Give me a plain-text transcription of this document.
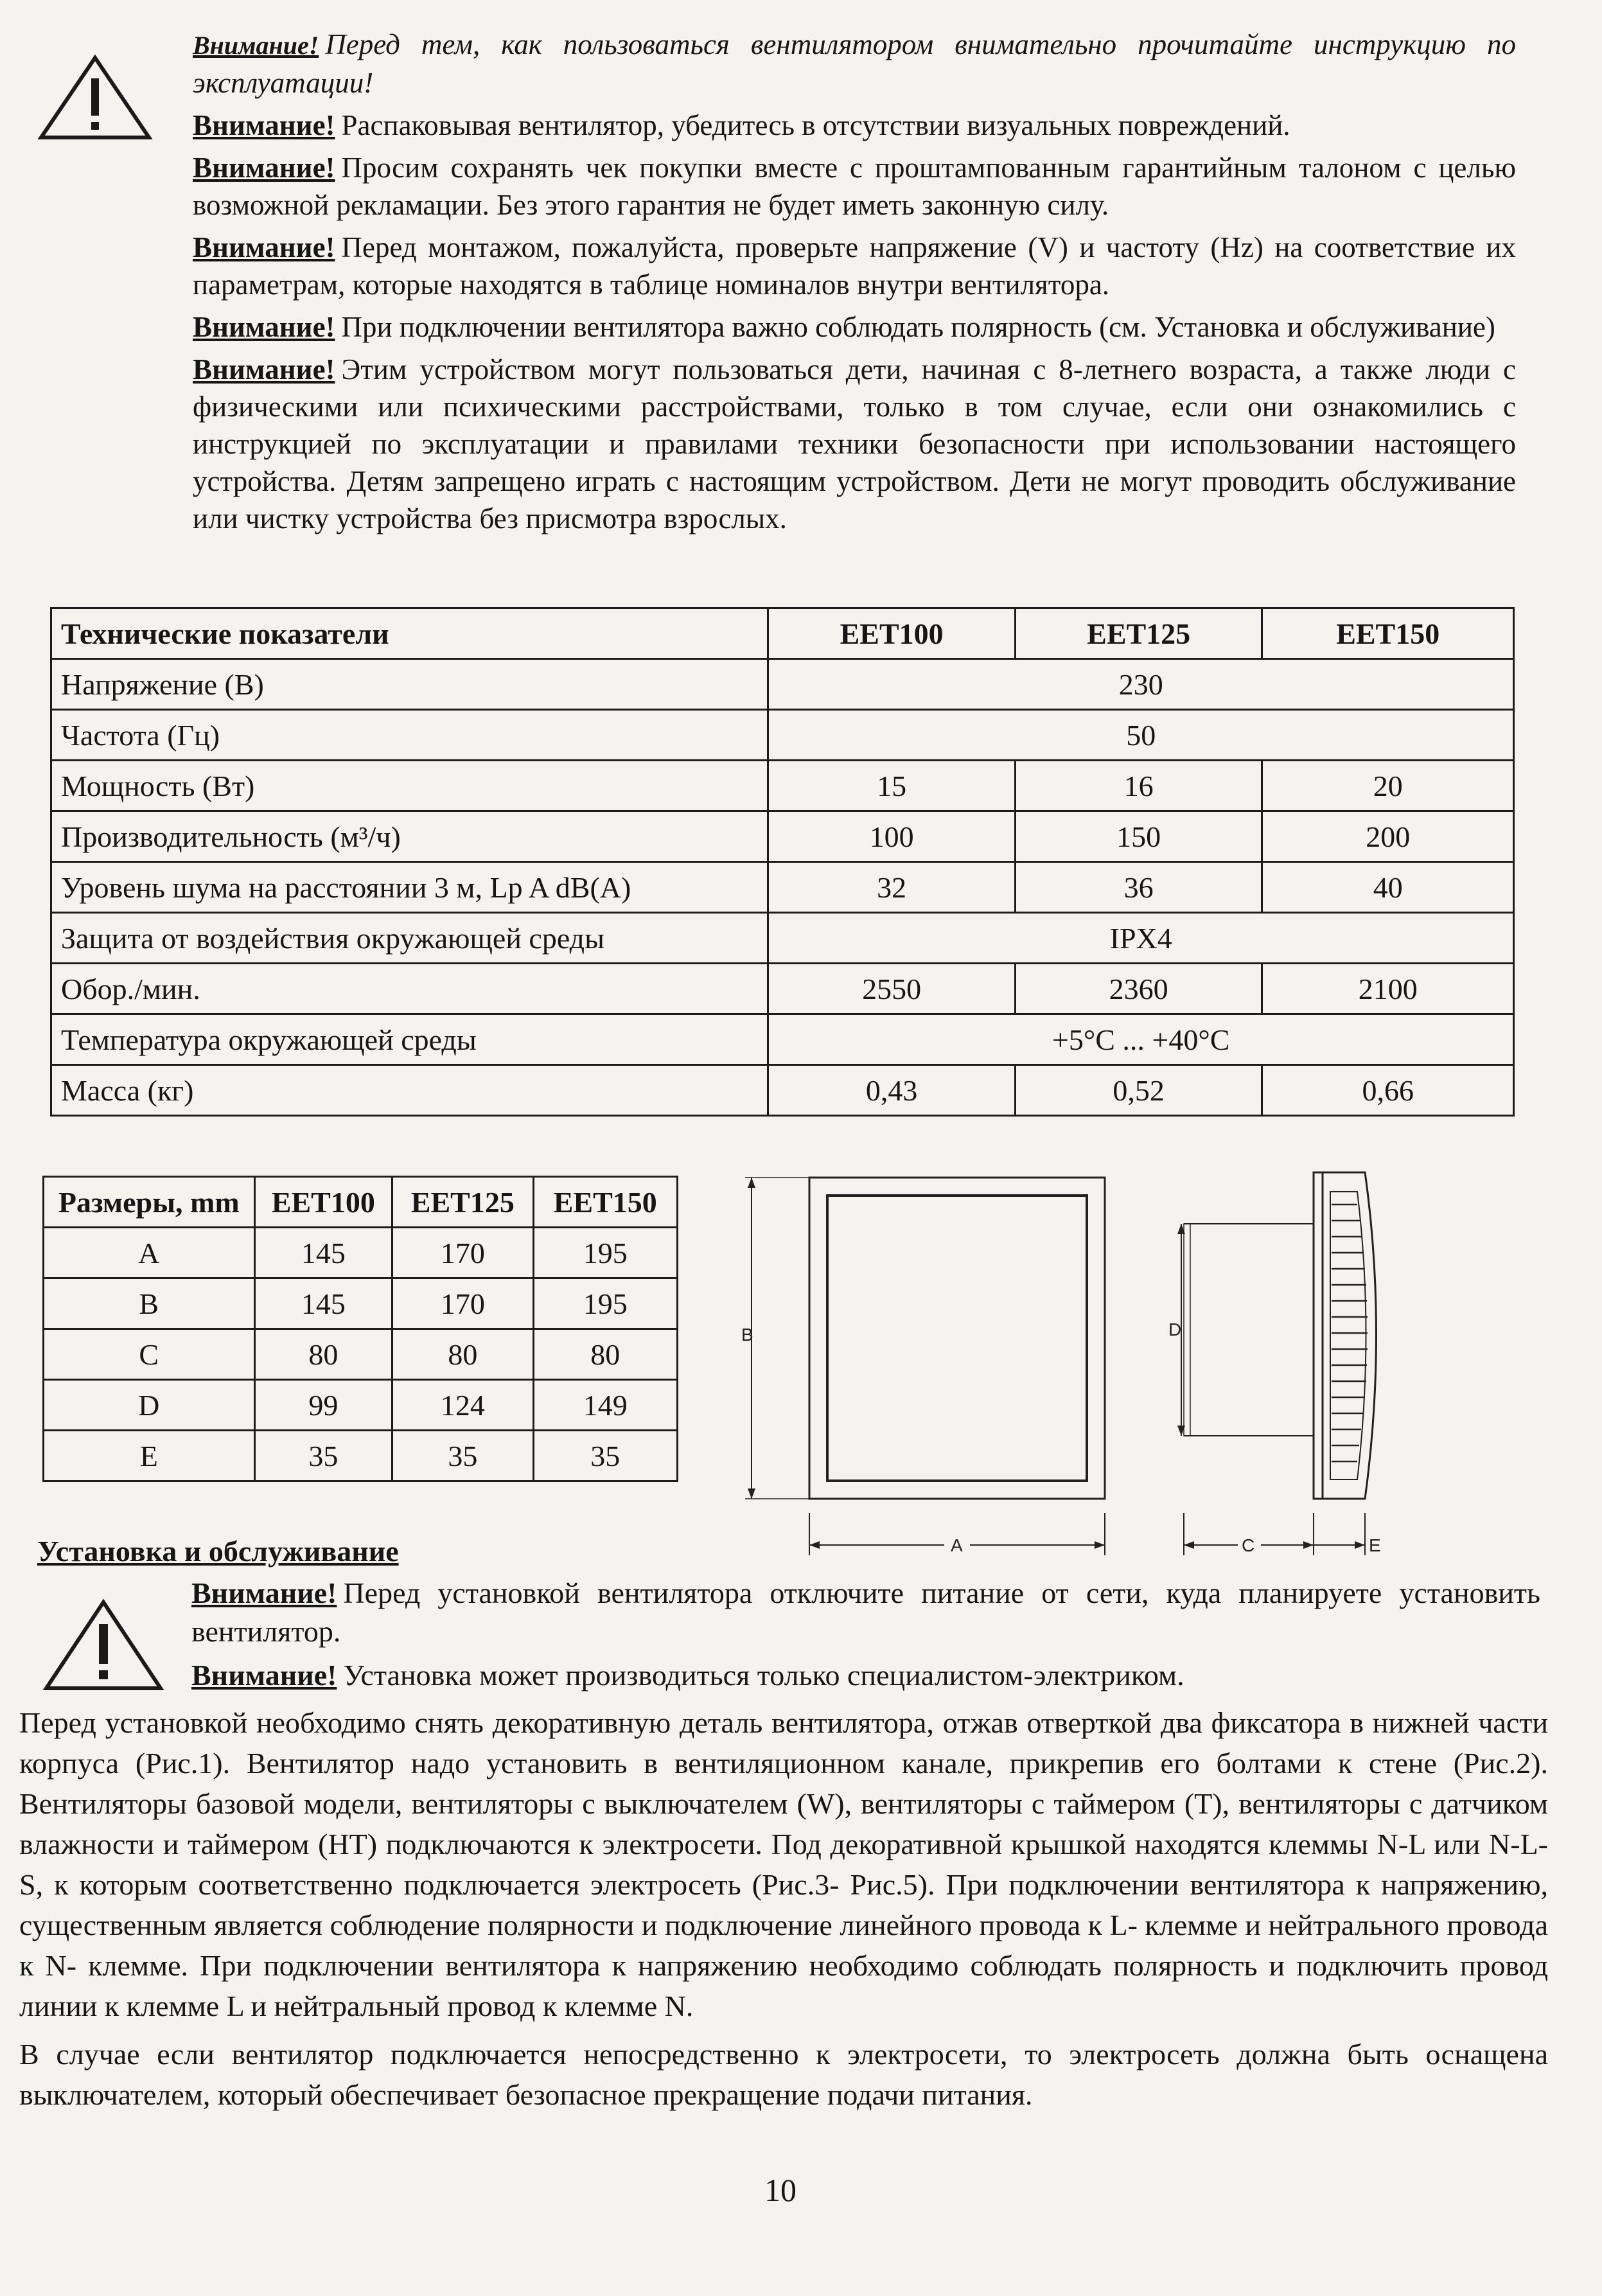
Внимание! Перед тем, как пользоваться вентилятором внимательно прочитайте инструкцию по эксплуатации!

Внимание! Распаковывая вентилятор, убедитесь в отсутствии визуальных повреждений.

Внимание! Просим сохранять чек покупки вместе с проштампованным гарантийным талоном с целью возможной рекламации. Без этого гарантия не будет иметь законную силу.

Внимание! Перед монтажом, пожалуйста, проверьте напряжение (V) и частоту (Hz) на соответствие их параметрам, которые находятся в таблице номиналов внутри вентилятора.

Внимание! При подключении вентилятора важно соблюдать полярность (см. Установка и обслуживание)

Внимание! Этим устройством могут пользоваться дети, начиная с 8-летнего возраста, а также люди с физическими или психическими расстройствами, только в том случае, если они ознакомились с инструкцией по эксплуатации и правилами техники безопасности при использовании настоящего устройства. Детям запрещено играть с настоящим устройством. Дети не могут проводить обслуживание или чистку устройства без присмотра взрослых.

Технические показатели	EET100	EET125	EET150
Напряжение (В)	230		
Частота (Гц)	50		
Мощность (Вт)	15	16	20
Производительность (м³/ч)	100	150	200
Уровень шума на расстоянии 3 м, Lp A dB(A)	32	36	40
Защита от воздействия окружающей среды	IPX4		
Обор./мин.	2550	2360	2100
Температура окружающей среды	+5°C ... +40°C		
Масса (кг)	0,43	0,52	0,66
Размеры, mm	EET100	EET125	EET150
A	145	170	195
B	145	170	195
C	80	80	80
D	99	124	149
E	35	35	35
B
A
D
C	E
Установка и обслуживание

Внимание! Перед установкой вентилятора отключите питание от сети, куда планируете установить вентилятор.

Внимание! Установка может производиться только специалистом-электриком.

Перед установкой необходимо снять декоративную деталь вентилятора, отжав отверткой два фиксатора в нижней части корпуса (Рис.1). Вентилятор надо установить в вентиляционном канале, прикрепив его болтами к стене (Рис.2). Вентиляторы базовой модели, вентиляторы с выключателем (W), вентиляторы с таймером (T), вентиляторы с датчиком влажности и таймером (HT) подключаются к электросети. Под декоративной крышкой находятся клеммы N-L или N-L-S, к которым соответственно подключается электросеть (Рис.3- Рис.5). При подключении вентилятора к напряжению, существенным является соблюдение полярности и подключение линейного провода к L- клемме и нейтрального провода к N- клемме. При подключении вентилятора к напряжению необходимо соблюдать полярность и подключить провод линии к клемме L и нейтральный провод к клемме N.

В случае если вентилятор подключается непосредственно к электросети, то электросеть должна быть оснащена выключателем, который обеспечивает безопасное прекращение подачи питания.

10
